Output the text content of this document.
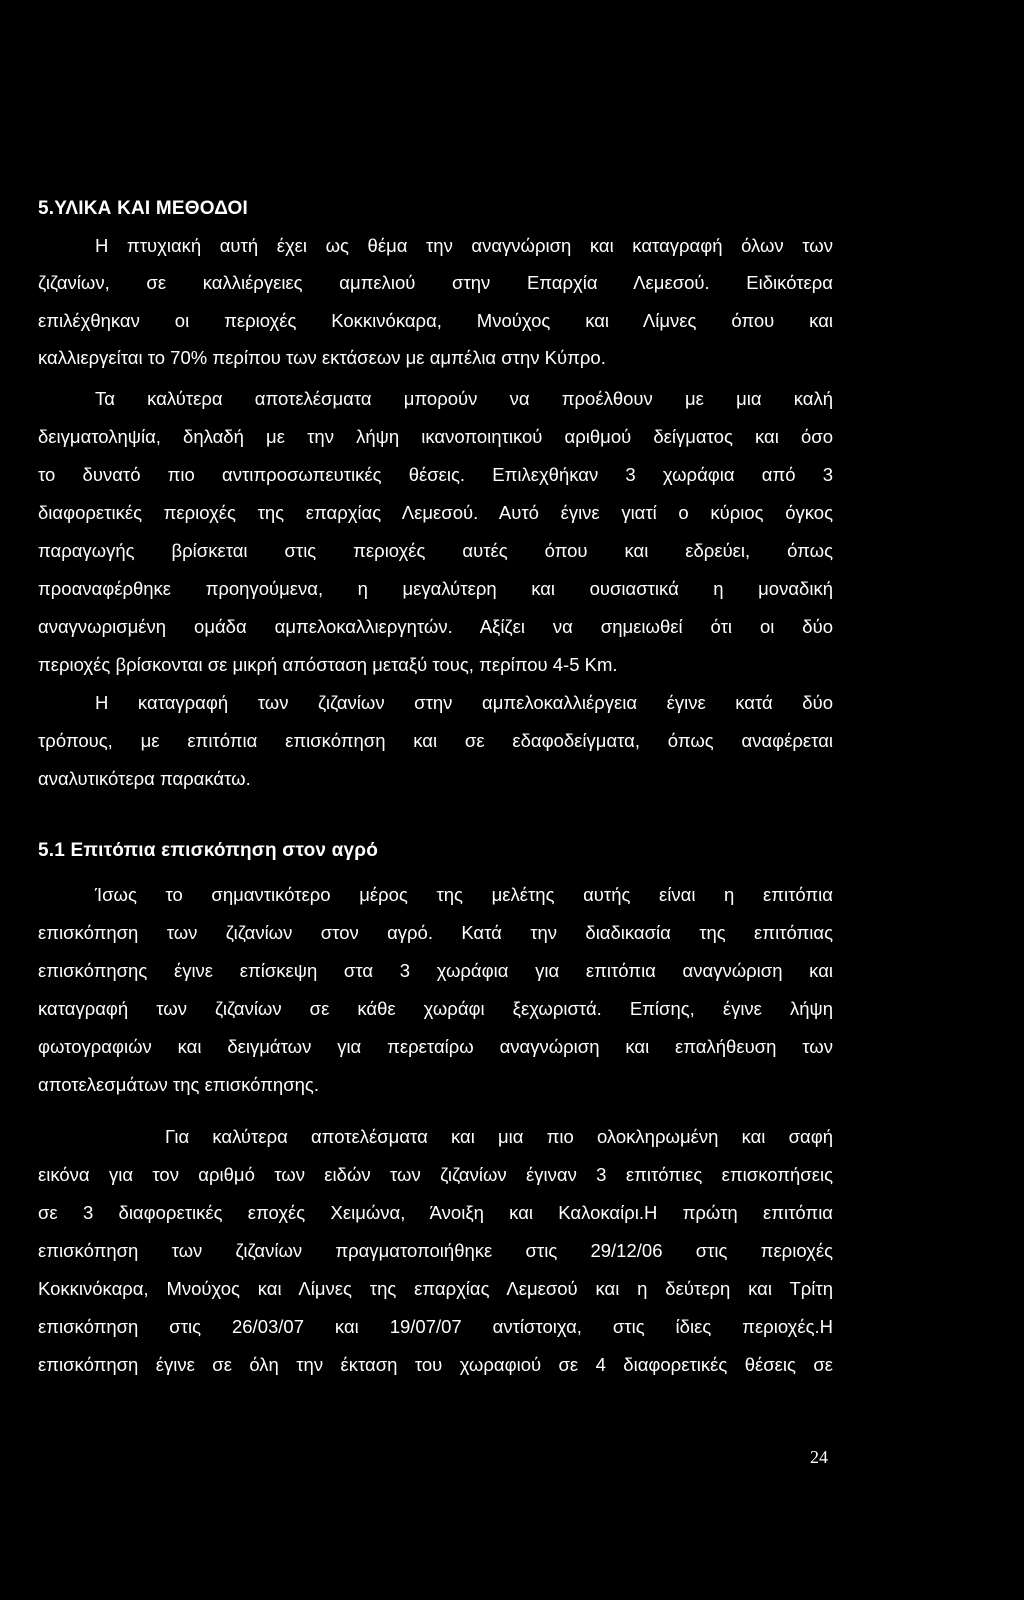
5.ΥΛΙΚΑ ΚΑΙ ΜΕΘΟΔΟΙ
Η πτυχιακή αυτή έχει ως θέμα την αναγνώριση και καταγραφή όλων των
ζιζανίων, σε καλλιέργειες αμπελιού στην Επαρχία Λεμεσού. Ειδικότερα
επιλέχθηκαν οι περιοχές Κοκκινόκαρα, Μνούχος και Λίμνες όπου και
καλλιεργείται το 70% περίπου των εκτάσεων με αμπέλια στην Κύπρο.
Τα καλύτερα αποτελέσματα μπορούν να προέλθουν με μια καλή
δειγματοληψία, δηλαδή με την λήψη ικανοποιητικού αριθμού δείγματος και όσο
το δυνατό πιο αντιπροσωπευτικές θέσεις. Επιλεχθήκαν 3 χωράφια από 3
διαφορετικές περιοχές της επαρχίας Λεμεσού. Αυτό έγινε γιατί ο κύριος όγκος
παραγωγής βρίσκεται στις περιοχές αυτές όπου και εδρεύει, όπως
προαναφέρθηκε προηγούμενα, η μεγαλύτερη και ουσιαστικά η μοναδική
αναγνωρισμένη ομάδα αμπελοκαλλιεργητών. Αξίζει να σημειωθεί ότι οι δύο
περιοχές βρίσκονται σε μικρή απόσταση μεταξύ τους, περίπου 4-5 Km.
Η καταγραφή των ζιζανίων στην αμπελοκαλλιέργεια έγινε κατά δύο
τρόπους, με επιτόπια επισκόπηση και σε εδαφοδείγματα, όπως αναφέρεται
αναλυτικότερα παρακάτω.
5.1 Επιτόπια επισκόπηση στον αγρό
Ίσως το σημαντικότερο μέρος της μελέτης αυτής είναι η επιτόπια
επισκόπηση των ζιζανίων στον αγρό. Κατά την διαδικασία της επιτόπιας
επισκόπησης έγινε επίσκεψη στα 3 χωράφια για επιτόπια αναγνώριση και
καταγραφή των ζιζανίων σε κάθε χωράφι ξεχωριστά. Επίσης, έγινε λήψη
φωτογραφιών και δειγμάτων για περεταίρω αναγνώριση και επαλήθευση των
αποτελεσμάτων της επισκόπησης.
Για καλύτερα αποτελέσματα και μια πιο ολοκληρωμένη και σαφή
εικόνα για τον αριθμό των ειδών των ζιζανίων έγιναν 3 επιτόπιες επισκοπήσεις
σε 3 διαφορετικές εποχές Χειμώνα, Άνοιξη και Καλοκαίρι.Η πρώτη επιτόπια
επισκόπηση των ζιζανίων πραγματοποιήθηκε στις 29/12/06 στις περιοχές
Κοκκινόκαρα, Μνούχος και Λίμνες της επαρχίας Λεμεσού και η δεύτερη και Τρίτη
επισκόπηση στις 26/03/07 και 19/07/07 αντίστοιχα, στις ίδιες περιοχές.Η
επισκόπηση έγινε σε όλη την έκταση του χωραφιού σε 4 διαφορετικές θέσεις σε
24
